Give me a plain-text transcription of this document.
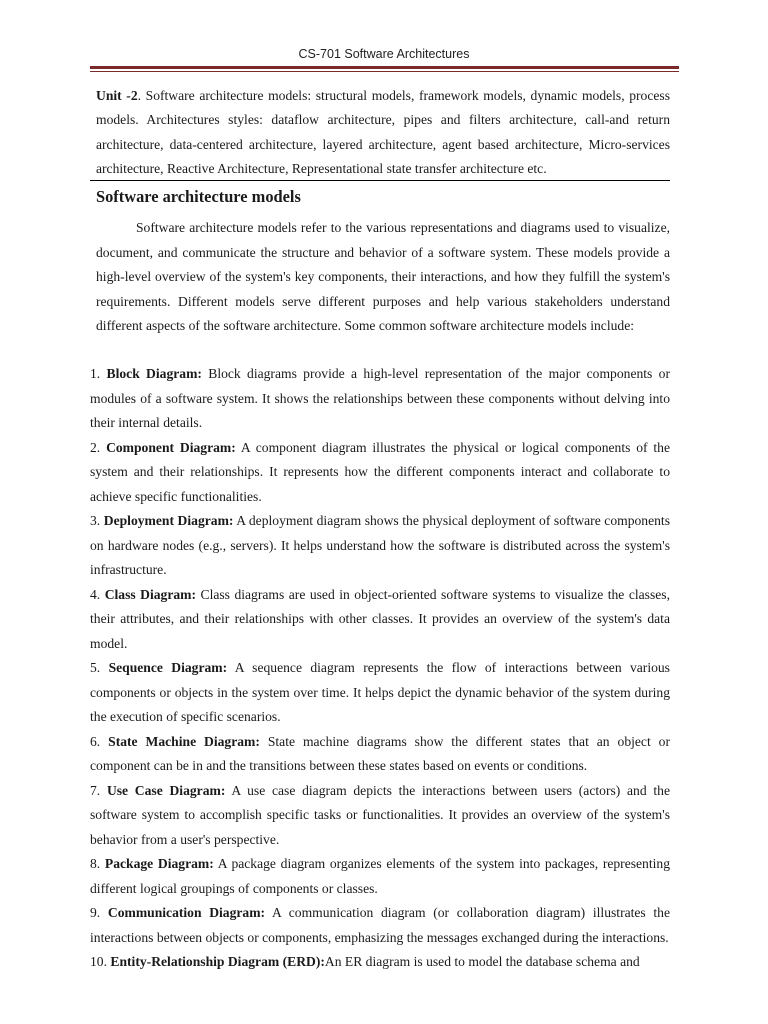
CS-701 Software Architectures
Unit -2. Software architecture models: structural models, framework models, dynamic models, process models. Architectures styles: dataflow architecture, pipes and filters architecture, call-and return architecture, data-centered architecture, layered architecture, agent based architecture, Micro-services architecture, Reactive Architecture, Representational state transfer architecture etc.
Software architecture models
Software architecture models refer to the various representations and diagrams used to visualize, document, and communicate the structure and behavior of a software system. These models provide a high-level overview of the system's key components, their interactions, and how they fulfill the system's requirements. Different models serve different purposes and help various stakeholders understand different aspects of the software architecture. Some common software architecture models include:
1. Block Diagram: Block diagrams provide a high-level representation of the major components or modules of a software system. It shows the relationships between these components without delving into their internal details.
2. Component Diagram: A component diagram illustrates the physical or logical components of the system and their relationships. It represents how the different components interact and collaborate to achieve specific functionalities.
3. Deployment Diagram: A deployment diagram shows the physical deployment of software components on hardware nodes (e.g., servers). It helps understand how the software is distributed across the system's infrastructure.
4. Class Diagram: Class diagrams are used in object-oriented software systems to visualize the classes, their attributes, and their relationships with other classes. It provides an overview of the system's data model.
5. Sequence Diagram: A sequence diagram represents the flow of interactions between various components or objects in the system over time. It helps depict the dynamic behavior of the system during the execution of specific scenarios.
6. State Machine Diagram: State machine diagrams show the different states that an object or component can be in and the transitions between these states based on events or conditions.
7. Use Case Diagram: A use case diagram depicts the interactions between users (actors) and the software system to accomplish specific tasks or functionalities. It provides an overview of the system's behavior from a user's perspective.
8. Package Diagram: A package diagram organizes elements of the system into packages, representing different logical groupings of components or classes.
9. Communication Diagram: A communication diagram (or collaboration diagram) illustrates the interactions between objects or components, emphasizing the messages exchanged during the interactions.
10. Entity-Relationship Diagram (ERD):An ER diagram is used to model the database schema and
